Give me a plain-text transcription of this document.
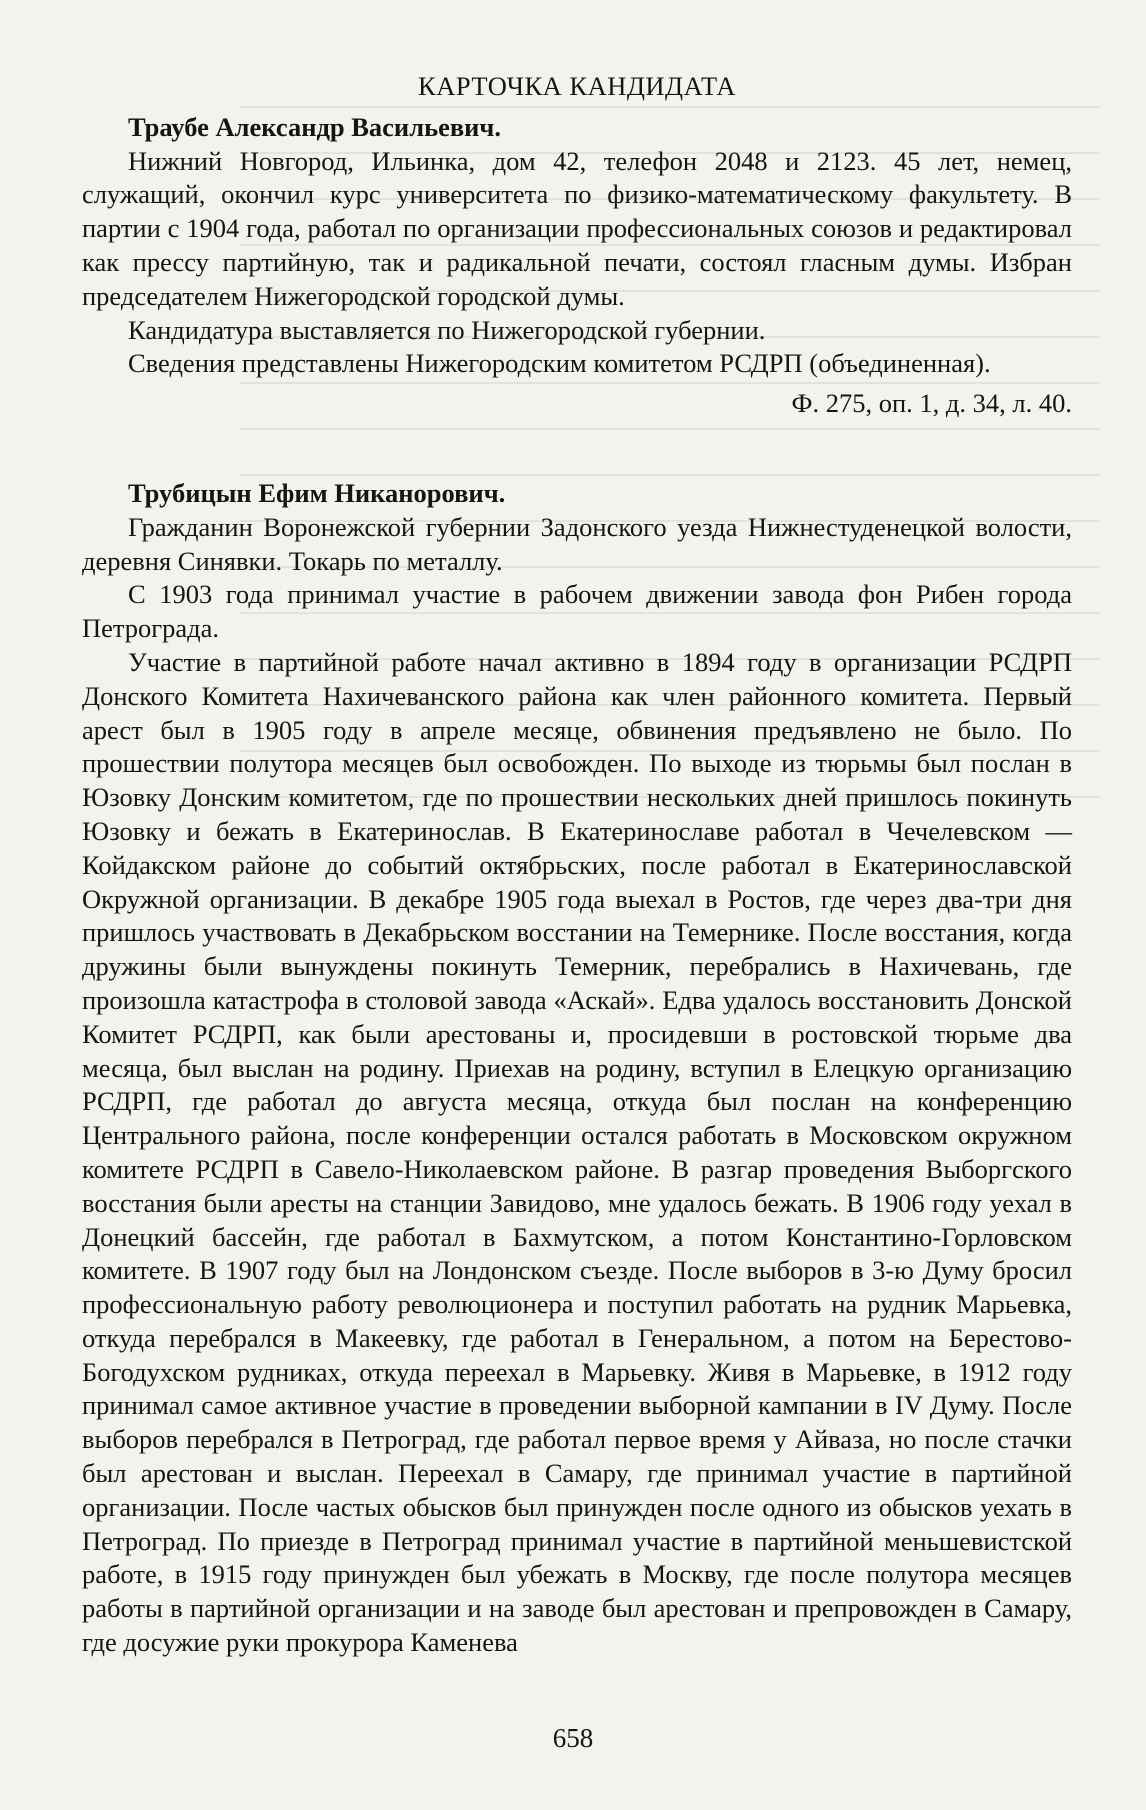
КАРТОЧКА КАНДИДАТА

Траубе Александр Васильевич.

Нижний Новгород, Ильинка, дом 42, телефон 2048 и 2123. 45 лет, немец, служащий, окончил курс университета по физико-математическому факультету. В партии с 1904 года, работал по организации профессиональных союзов и редактировал как прессу партийную, так и радикальной печати, состоял гласным думы. Избран председателем Нижегородской городской думы.

Кандидатура выставляется по Нижегородской губернии.

Сведения представлены Нижегородским комитетом РСДРП (объединенная).

Ф. 275, оп. 1, д. 34, л. 40.

Трубицын Ефим Никанорович.

Гражданин Воронежской губернии Задонского уезда Нижнестуденецкой волости, деревня Синявки. Токарь по металлу.

С 1903 года принимал участие в рабочем движении завода фон Рибен города Петрограда.

Участие в партийной работе начал активно в 1894 году в организации РСДРП Донского Комитета Нахичеванского района как член районного комитета. Первый арест был в 1905 году в апреле месяце, обвинения предъявлено не было. По прошествии полутора месяцев был освобожден. По выходе из тюрьмы был послан в Юзовку Донским комитетом, где по прошествии нескольких дней пришлось покинуть Юзовку и бежать в Екатеринослав. В Екатеринославе работал в Чечелевском — Койдакском районе до событий октябрьских, после работал в Екатеринославской Окружной организации. В декабре 1905 года выехал в Ростов, где через два-три дня пришлось участвовать в Декабрьском восстании на Темернике. После восстания, когда дружины были вынуждены покинуть Темерник, перебрались в Нахичевань, где произошла катастрофа в столовой завода «Аскай». Едва удалось восстановить Донской Комитет РСДРП, как были арестованы и, просидевши в ростовской тюрьме два месяца, был выслан на родину. Приехав на родину, вступил в Елецкую организацию РСДРП, где работал до августа месяца, откуда был послан на конференцию Центрального района, после конференции остался работать в Московском окружном комитете РСДРП в Савело-Николаевском районе. В разгар проведения Выборгского восстания были аресты на станции Завидово, мне удалось бежать. В 1906 году уехал в Донецкий бассейн, где работал в Бахмутском, а потом Константино-Горловском комитете. В 1907 году был на Лондонском съезде. После выборов в 3-ю Думу бросил профессиональную работу революционера и поступил работать на рудник Марьевка, откуда перебрался в Макеевку, где работал в Генеральном, а потом на Берестово-Богодухском рудниках, откуда переехал в Марьевку. Живя в Марьевке, в 1912 году принимал самое активное участие в проведении выборной кампании в IV Думу. После выборов перебрался в Петроград, где работал первое время у Айваза, но после стачки был арестован и выслан. Переехал в Самару, где принимал участие в партийной организации. После частых обысков был принужден после одного из обысков уехать в Петроград. По приезде в Петроград принимал участие в партийной меньшевистской работе, в 1915 году принужден был убежать в Москву, где после полутора месяцев работы в партийной организации и на заводе был арестован и препровожден в Самару, где досужие руки прокурора Каменева

658
